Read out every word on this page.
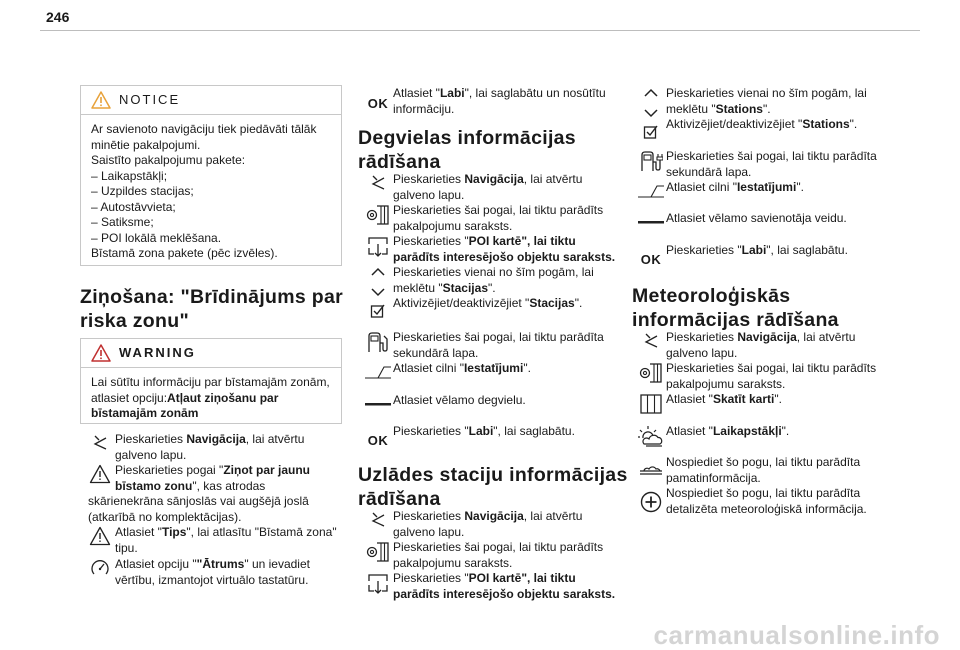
246
NOTICE
Ar savienoto navigāciju tiek piedāvāti tālāk
minētie pakalpojumi.
Saistīto pakalpojumu pakete:
– Laikapstākļi;
– Uzpildes stacijas;
– Autostāvvieta;
– Satiksme;
– POI lokālā meklēšana.
Bīstamā zona pakete (pēc izvēles).
Ziņošana: "Brīdinājums par
riska zonu"
WARNING
Lai sūtītu informāciju par bīstamajām zonām,
atlasiet opciju:Atļaut ziņošanu par
bīstamajām zonām
Pieskarieties Navigācija, lai atvērtu
galveno lapu.
Pieskarieties pogai "Ziņot par jaunu
bīstamo zonu", kas atrodas
skārienekrāna sānjoslās vai augšējā joslā
(atkarībā no komplektācijas).
Atlasiet "Tips", lai atlasītu "Bīstamā zona"
tipu.
Atlasiet opciju ""Ātrums" un ievadiet
vērtību, izmantojot virtuālo tastatūru.
OK
Atlasiet "Labi", lai saglabātu un nosūtītu
informāciju.
Degvielas informācijas
rādīšana
Pieskarieties Navigācija, lai atvērtu
galveno lapu.
Pieskarieties šai pogai, lai tiktu parādīts
pakalpojumu saraksts.
Pieskarieties "POI kartē", lai tiktu
parādīts interesējošo objektu saraksts.
Pieskarieties vienai no šīm pogām, lai
meklētu "Stacijas".
Aktivizējiet/deaktivizējiet "Stacijas".
Pieskarieties šai pogai, lai tiktu parādīta
sekundārā lapa.
Atlasiet cilni "Iestatījumi".
Atlasiet vēlamo degvielu.
OK
Pieskarieties "Labi", lai saglabātu.
Uzlādes staciju informācijas
rādīšana
Pieskarieties Navigācija, lai atvērtu
galveno lapu.
Pieskarieties šai pogai, lai tiktu parādīts
pakalpojumu saraksts.
Pieskarieties "POI kartē", lai tiktu
parādīts interesējošo objektu saraksts.
Pieskarieties vienai no šīm pogām, lai
meklētu "Stations".
Aktivizējiet/deaktivizējiet "Stations".
Pieskarieties šai pogai, lai tiktu parādīta
sekundārā lapa.
Atlasiet cilni "Iestatījumi".
Atlasiet vēlamo savienotāja veidu.
OK
Pieskarieties "Labi", lai saglabātu.
Meteoroloģiskās
informācijas rādīšana
Pieskarieties Navigācija, lai atvērtu
galveno lapu.
Pieskarieties šai pogai, lai tiktu parādīts
pakalpojumu saraksts.
Atlasiet "Skatīt karti".
Atlasiet "Laikapstākļi".
Nospiediet šo pogu, lai tiktu parādīta
pamatinformācija.
Nospiediet šo pogu, lai tiktu parādīta
detalizēta meteoroloģiskā informācija.
carmanualsonline.info
